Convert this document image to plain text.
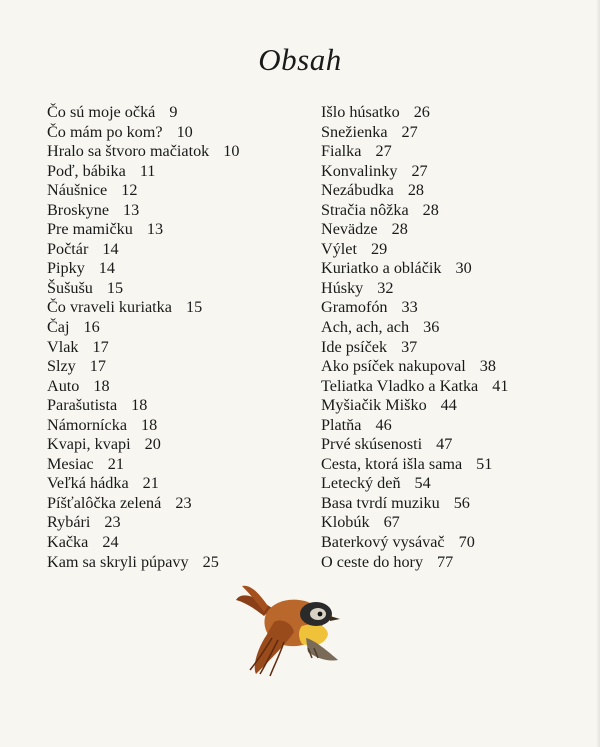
Obsah
Čo sú moje očká 9
Čo mám po kom? 10
Hralo sa štvoro mačiatok 10
Poď, bábika 11
Náušnice 12
Broskyne 13
Pre mamičku 13
Počtár 14
Pipky 14
Šušušu 15
Čo vraveli kuriatka 15
Čaj 16
Vlak 17
Slzy 17
Auto 18
Parašutista 18
Námornícka 18
Kvapi, kvapi 20
Mesiac 21
Veľká hádka 21
Píšťalôčka zelená 23
Rybári 23
Kačka 24
Kam sa skryli púpavy 25
Išlo húsatko 26
Snežienka 27
Fialka 27
Konvalinky 27
Nezábudka 28
Stračia nôžka 28
Nevädze 28
Výlet 29
Kuriatko a obláčik 30
Húsky 32
Gramofón 33
Ach, ach, ach 36
Ide psíček 37
Ako psíček nakupoval 38
Teliatka Vladko a Katka 41
Myšiačik Miško 44
Platňa 46
Prvé skúsenosti 47
Cesta, ktorá išla sama 51
Letecký deň 54
Basa tvrdí muziku 56
Klobúk 67
Baterkový vysávač 70
O ceste do hory 77
